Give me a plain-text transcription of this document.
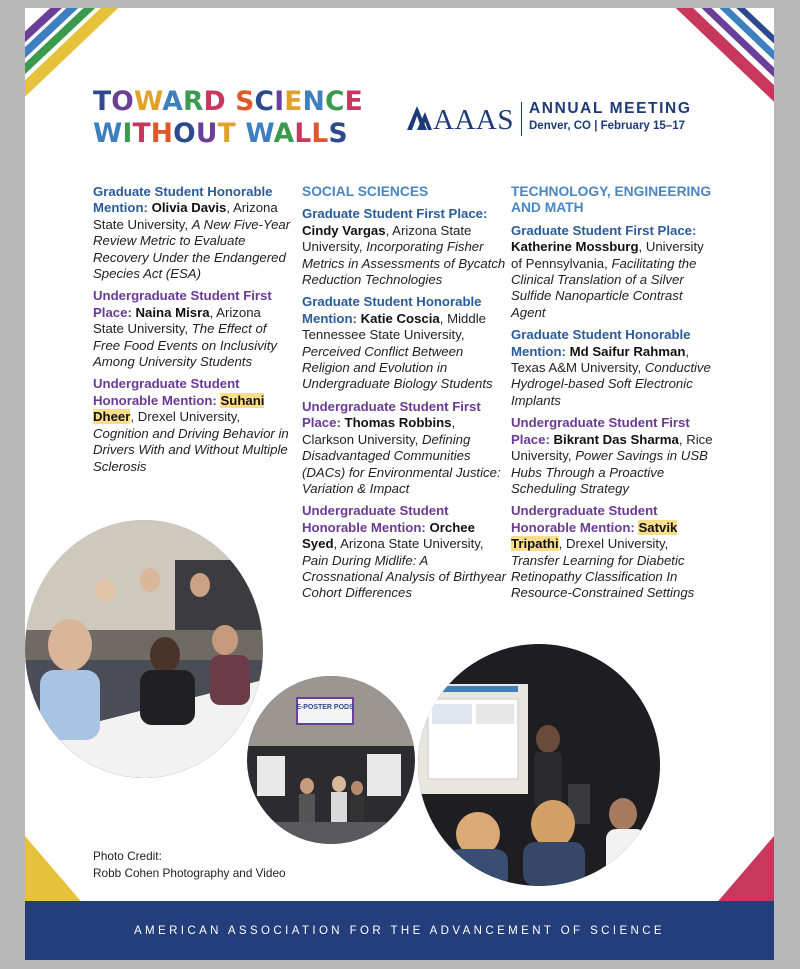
TOWARD SCIENCE
WITHOUT WALLS	AAAS ANNUAL MEETING
Denver, CO | February 15–17
Graduate Student Honorable Mention: Olivia Davis, Arizona State University, A New Five-Year Review Metric to Evaluate Recovery Under the Endangered Species Act (ESA)
Undergraduate Student First Place: Naina Misra, Arizona State University, The Effect of Free Food Events on Inclusivity Among University Students
Undergraduate Student Honorable Mention: Suhani Dheer, Drexel University, Cognition and Driving Behavior in Drivers With and Without Multiple Sclerosis
SOCIAL SCIENCES
Graduate Student First Place: Cindy Vargas, Arizona State University, Incorporating Fisher Metrics in Assessments of Bycatch Reduction Technologies
Graduate Student Honorable Mention: Katie Coscia, Middle Tennessee State University, Perceived Conflict Between Religion and Evolution in Undergraduate Biology Students
Undergraduate Student First Place: Thomas Robbins, Clarkson University, Defining Disadvantaged Communities (DACs) for Environmental Justice: Variation & Impact
Undergraduate Student Honorable Mention: Orchee Syed, Arizona State University, Pain During Midlife: A Crossnational Analysis of Birthyear Cohort Differences
TECHNOLOGY, ENGINEERING AND MATH
Graduate Student First Place: Katherine Mossburg, University of Pennsylvania, Facilitating the Clinical Translation of a Silver Sulfide Nanoparticle Contrast Agent
Graduate Student Honorable Mention: Md Saifur Rahman, Texas A&M University, Conductive Hydrogel-based Soft Electronic Implants
Undergraduate Student First Place: Bikrant Das Sharma, Rice University, Power Savings in USB Hubs Through a Proactive Scheduling Strategy
Undergraduate Student Honorable Mention: Satvik Tripathi, Drexel University, Transfer Learning for Diabetic Retinopathy Classification In Resource-Constrained Settings
E-POSTER PODS
Photo Credit:
Robb Cohen Photography and Video
AMERICAN ASSOCIATION FOR THE ADVANCEMENT OF SCIENCE
